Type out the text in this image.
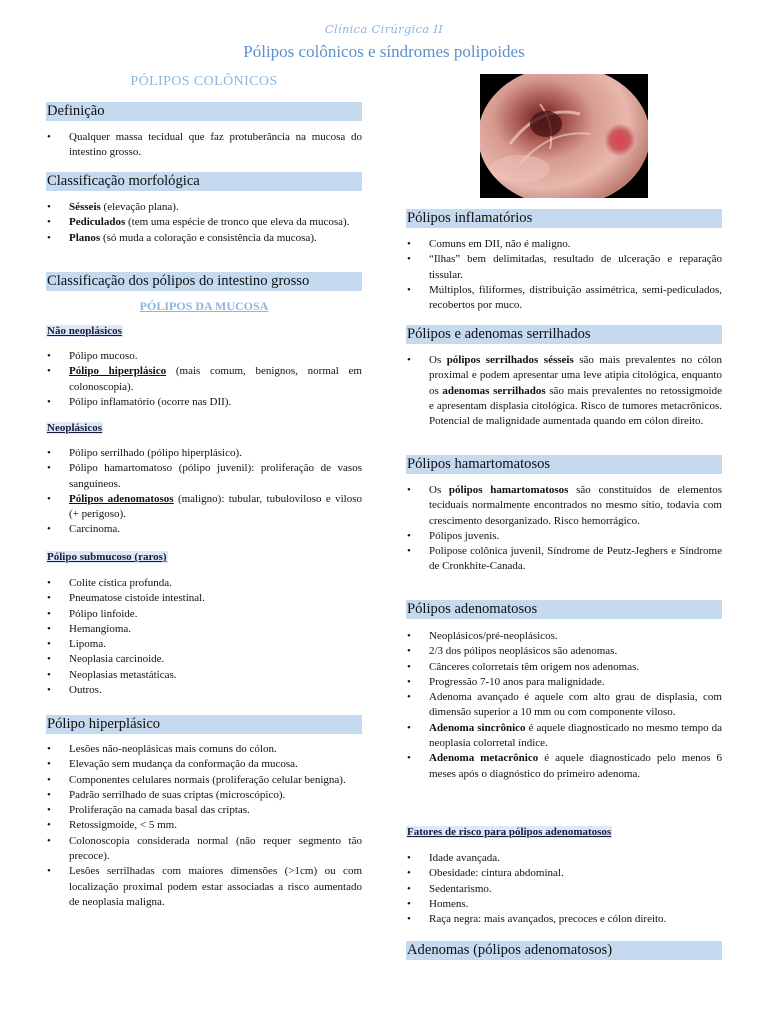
Clínica Cirúrgica II
Pólipos colônicos e síndromes polipoides
PÓLIPOS COLÔNICOS
Definição
• Qualquer massa tecidual que faz protuberância na mucosa do intestino grosso.
Classificação morfológica
• Sésseis (elevação plana).
• Pediculados (tem uma espécie de tronco que eleva da mucosa).
• Planos (só muda a coloração e consistência da mucosa).
Classificação dos pólipos do intestino grosso
PÓLIPOS DA MUCOSA
Não neoplásicos
• Pólipo mucoso.
• Pólipo hiperplásico (mais comum, benignos, normal em colonoscopia).
• Pólipo inflamatório (ocorre nas DII).
Neoplásicos
• Pólipo serrilhado (pólipo hiperplásico).
• Pólipo hamartomatoso (pólipo juvenil): proliferação de vasos sanguíneos.
• Pólipos adenomatosos (maligno): tubular, tubuloviloso e viloso (+ perigoso).
• Carcinoma.
Pólipo submucoso (raros)
• Colite cística profunda.
• Pneumatose cistoide intestinal.
• Pólipo linfoide.
• Hemangioma.
• Lipoma.
• Neoplasia carcinoide.
• Neoplasias metastáticas.
• Outros.
Pólipo hiperplásico
• Lesões não-neoplásicas mais comuns do cólon.
• Elevação sem mudança da conformação da mucosa.
• Componentes celulares normais (proliferação celular benigna).
• Padrão serrilhado de suas criptas (microscópico).
• Proliferação na camada basal das criptas.
• Retossigmoide, < 5 mm.
• Colonoscopia considerada normal (não requer segmento tão precoce).
• Lesões serrilhadas com maiores dimensões (>1cm) ou com localização proximal podem estar associadas a risco aumentado de neoplasia maligna.
Pólipos inflamatórios
• Comuns em DII, não é maligno.
• “Ilhas” bem delimitadas, resultado de ulceração e reparação tissular.
• Múltiplos, filiformes, distribuição assimétrica, semi-pediculados, recobertos por muco.
Pólipos e adenomas serrilhados
• Os pólipos serrilhados sésseis são mais prevalentes no cólon proximal e podem apresentar uma leve atipia citológica, enquanto os adenomas serrilhados são mais prevalentes no retossigmoide e apresentam displasia citológica. Risco de tumores metacrônicos. Potencial de malignidade aumentada quando em cólon direito.
Pólipos hamartomatosos
• Os pólipos hamartomatosos são constituídos de elementos teciduais normalmente encontrados no mesmo sítio, todavia com crescimento desorganizado. Risco hemorrágico.
• Pólipos juvenis.
• Polipose colônica juvenil, Síndrome de Peutz-Jeghers e Síndrome de Cronkhite-Canada.
Pólipos adenomatosos
• Neoplásicos/pré-neoplásicos.
• 2/3 dos pólipos neoplásicos são adenomas.
• Cânceres colorretais têm origem nos adenomas.
• Progressão 7-10 anos para malignidade.
• Adenoma avançado é aquele com alto grau de displasia, com dimensão superior a 10 mm ou com componente viloso.
• Adenoma sincrônico é aquele diagnosticado no mesmo tempo da neoplasia colorretal índice.
• Adenoma metacrônico é aquele diagnosticado pelo menos 6 meses após o diagnóstico do primeiro adenoma.
Fatores de risco para pólipos adenomatosos
• Idade avançada.
• Obesidade: cintura abdominal.
• Sedentarismo.
• Homens.
• Raça negra: mais avançados, precoces e cólon direito.
Adenomas (pólipos adenomatosos)
